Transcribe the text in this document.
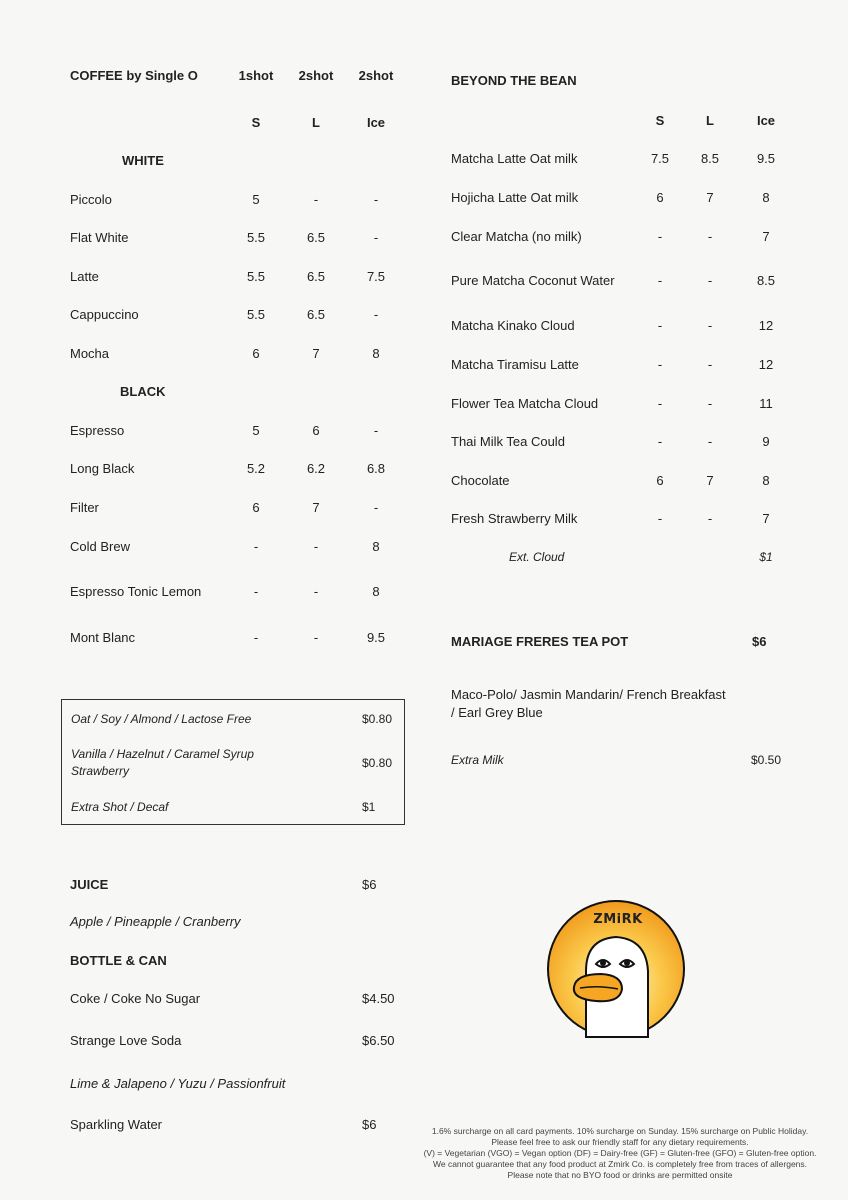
COFFEE by Single O	1shot 2shot 2shot
S	L	Ice
WHITE
Piccolo	5	-	-
Flat White	5.5	6.5	-
Latte	5.5	6.5	7.5
Cappuccino	5.5	6.5	-
Mocha	6	7	8
BLACK
Espresso	5	6	-
Long Black	5.2	6.2	6.8
Filter	6	7	-
Cold Brew	-	-	8
Espresso Tonic Lemon	-	-	8
Mont Blanc	-	-	9.5
Oat / Soy / Almond / Lactose Free	$0.80
Vanilla / Hazelnut / Caramel Syrup
Strawberry
$0.80
Extra Shot / Decaf	$1
JUICE	$6
Apple / Pineapple / Cranberry
BOTTLE & CAN
Coke / Coke No Sugar	$4.50
Strange Love Soda	$6.50
Lime & Jalapeno / Yuzu / Passionfruit
Sparkling Water	$6
BEYOND THE BEAN
S	L	Ice
Matcha Latte Oat milk	7.5	8.5	9.5
Hojicha Latte Oat milk	6	7	8
Clear Matcha (no milk)	-	-	7
Pure Matcha Coconut Water	-	-	8.5
Matcha Kinako Cloud	-	-	12
Matcha Tiramisu Latte	-	-	12
Flower Tea Matcha Cloud	-	-	11
Thai Milk Tea Could	-	-	9
Chocolate	6	7	8
Fresh Strawberry Milk	-	-	7
Ext. Cloud	$1
MARIAGE FRERES TEA POT	$6
Maco-Polo/ Jasmin Mandarin/ French Breakfast
/ Earl Grey Blue
Extra Milk	$0.50
ZMiRK
1.6% surcharge on all card payments. 10% surcharge on Sunday. 15% surcharge on Public Holiday.
Please feel free to ask our friendly staff for any dietary requirements.
(V) = Vegetarian (VGO) = Vegan option (DF) = Dairy-free (GF) = Gluten-free (GFO) = Gluten-free option.
We cannot guarantee that any food product at Zmirk Co. is completely free from traces of allergens.
Please note that no BYO food or drinks are permitted onsite
